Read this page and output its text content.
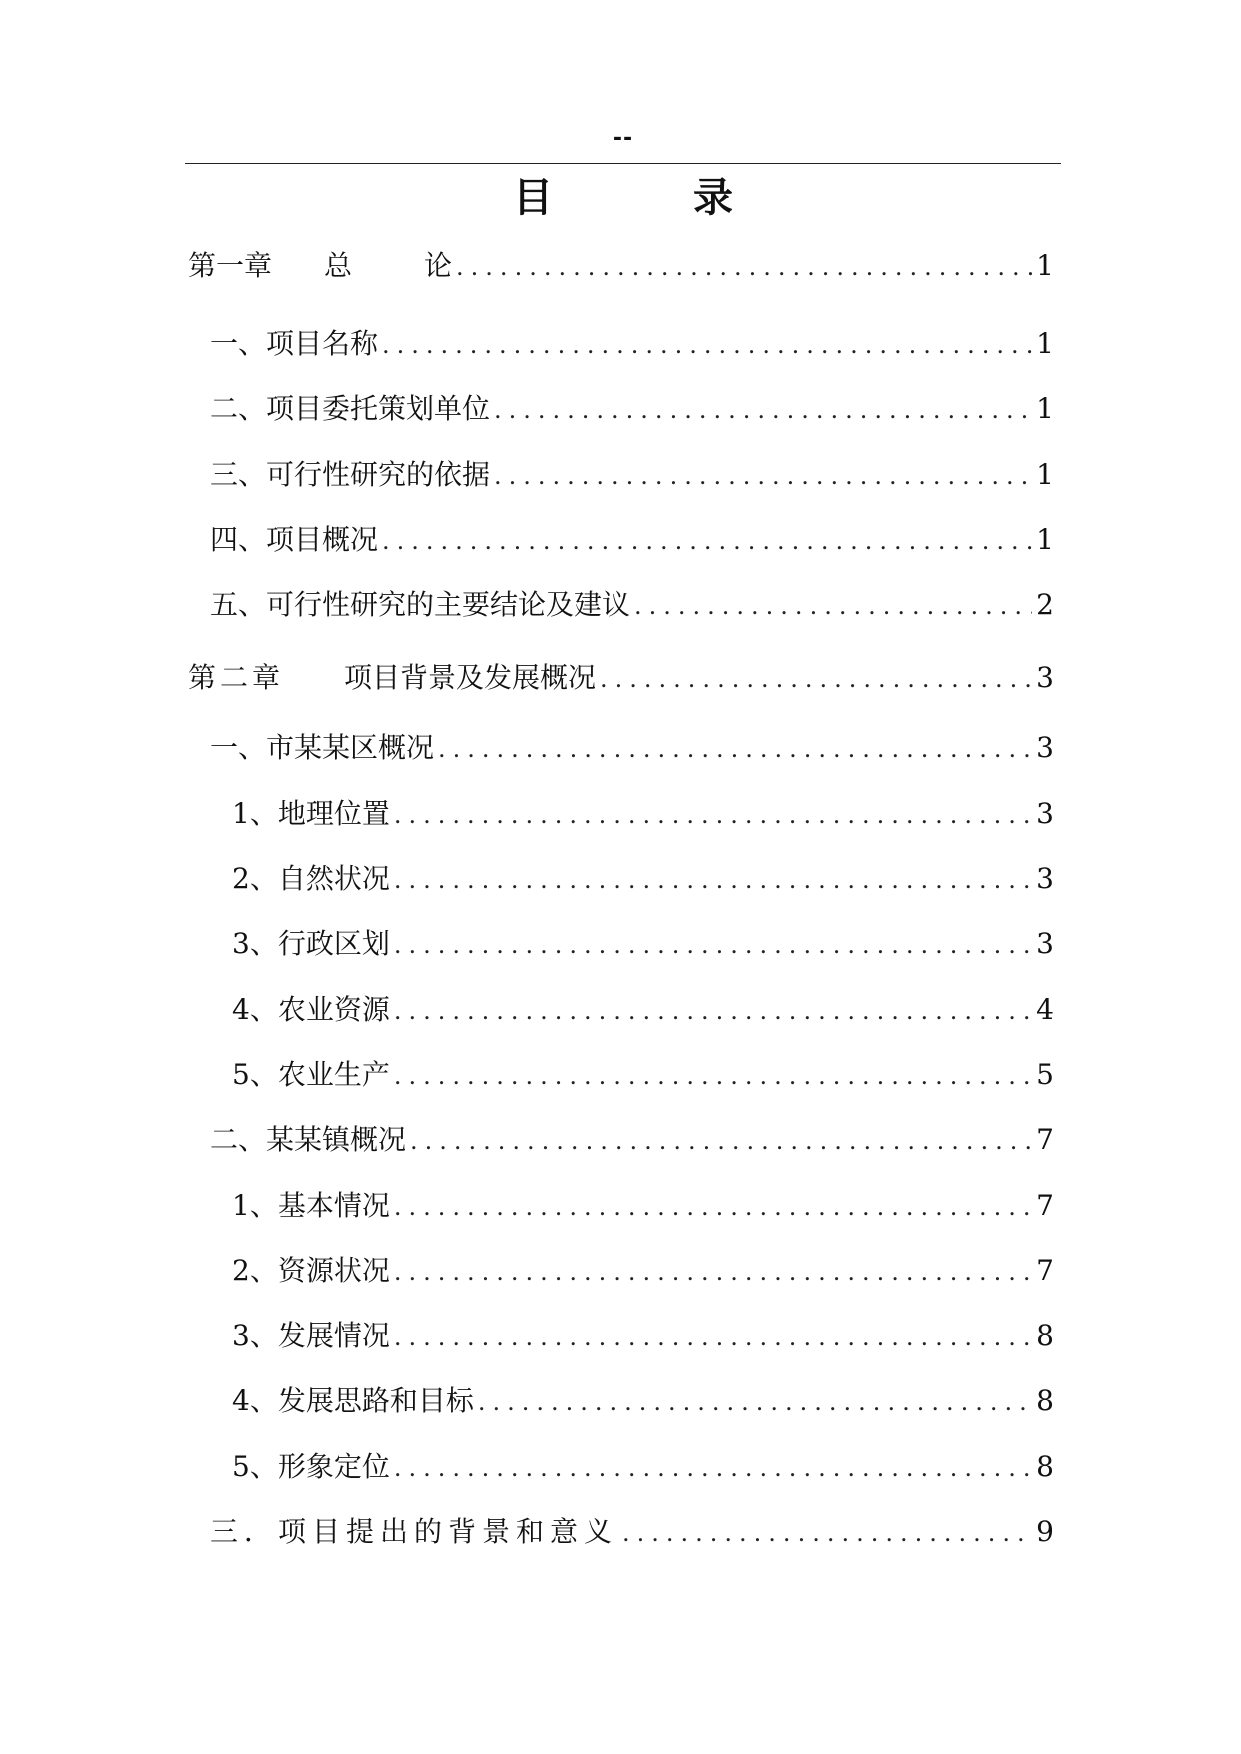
--
目　录
第一章 总	论 .....	1
一、项目名称 .....	1
二、项目委托策划单位 .....	1
三、可行性研究的依据 .....	1
四、项目概况 .....	1
五、可行性研究的主要结论及建议 .....	2
第二章 项目背景及发展概况 .....	3
一、市某某区概况 .....	3
1、地理位置 .....	3
2、自然状况 .....	3
3、行政区划 .....	3
4、农业资源 .....	4
5、农业生产 .....	5
二、某某镇概况 .....	7
1、基本情况 .....	7
2、资源状况 .....	7
3、发展情况 .....	8
4、发展思路和目标 .....	8
5、形象定位 .....	8
三．项目提出的背景和意义 .....	9
